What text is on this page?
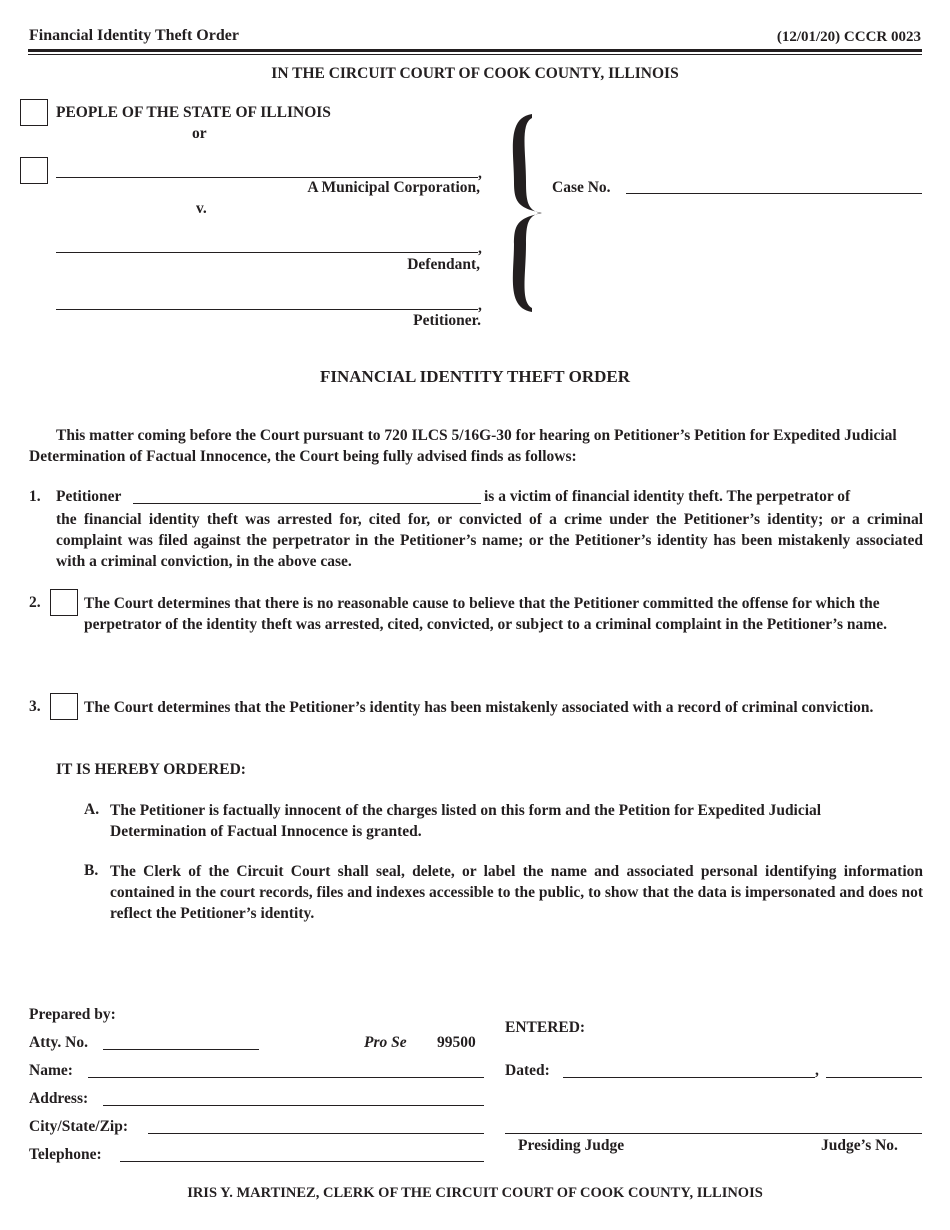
Financial Identity Theft Order	(12/01/20) CCCR 0023
IN THE CIRCUIT COURT OF COOK COUNTY, ILLINOIS
PEOPLE OF THE STATE OF ILLINOIS
or
,
A Municipal Corporation,
v.
,
Defendant,
,
Petitioner.
Case No.
FINANCIAL IDENTITY THEFT ORDER
This matter coming before the Court pursuant to 720 ILCS 5/16G-30 for hearing on Petitioner’s Petition for Expedited Judicial Determination of Factual Innocence, the Court being fully advised finds as follows:
1. Petitioner	is a victim of financial identity theft. The perpetrator of
the financial identity theft was arrested for, cited for, or convicted of a crime under the Petitioner’s identity; or a criminal complaint was filed against the perpetrator in the Petitioner’s name; or the Petitioner’s identity has been mistakenly associated with a criminal conviction, in the above case.
2.	The Court determines that there is no reasonable cause to believe that the Petitioner committed the offense for which the perpetrator of the identity theft was arrested, cited, convicted, or subject to a criminal complaint in the Petitioner’s name.
3.	The Court determines that the Petitioner’s identity has been mistakenly associated with a record of criminal conviction.
IT IS HEREBY ORDERED:
A. The Petitioner is factually innocent of the charges listed on this form and the Petition for Expedited Judicial Determination of Factual Innocence is granted.
B. The Clerk of the Circuit Court shall seal, delete, or label the name and associated personal identifying information contained in the court records, files and indexes accessible to the public, to show that the data is impersonated and does not reflect the Petitioner’s identity.
Prepared by:
Atty. No.	Pro Se 99500
Name:
Address:
City/State/Zip:
Telephone:
ENTERED:
Dated:	,
Presiding Judge	Judge’s No.
IRIS Y. MARTINEZ, CLERK OF THE CIRCUIT COURT OF COOK COUNTY, ILLINOIS
